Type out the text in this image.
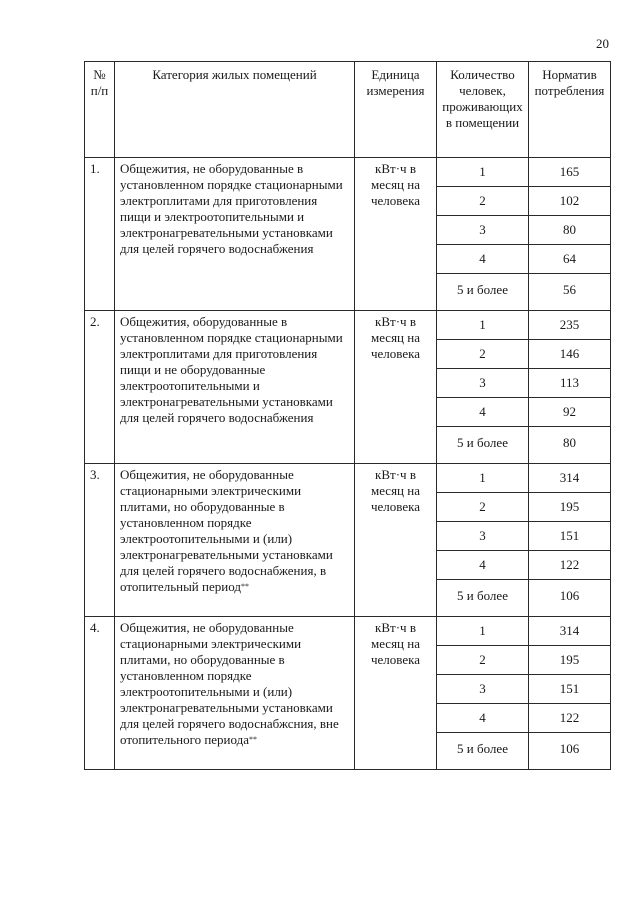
20
№ п/п	Категория жилых помещений	Единица измерения	Количество человек, проживающих в помещении	Норматив потребления
1.	Общежития, не оборудованные в установленном порядке стационарными электроплитами для приготовления пищи и электроотопительными и электронагревательными установками для целей горячего водоснабжения	кВт·ч в месяц на человека	1	165
			2	102
			3	80
			4	64
			5 и более	56
2.	Общежития, оборудованные в установленном порядке стационарными электроплитами для приготовления пищи и не оборудованные электроотопительными и электронагревательными установками для целей горячего водоснабжения	кВт·ч в месяц на человека	1	235
			2	146
			3	113
			4	92
			5 и более	80
3.	Общежития, не оборудованные стационарными электрическими плитами, но оборудованные в установленном порядке электроотопительными и (или) электронагревательными установками для целей горячего водоснабжения, в отопительный период**	кВт·ч в месяц на человека	1	314
			2	195
			3	151
			4	122
			5 и более	106
4.	Общежития, не оборудованные стационарными электрическими плитами, но оборудованные в установленном порядке электроотопительными и (или) электронагревательными установками для целей горячего водоснабжсния, вне отопительного периода**	кВт·ч в месяц на человека	1	314
			2	195
			3	151
			4	122
			5 и более	106
